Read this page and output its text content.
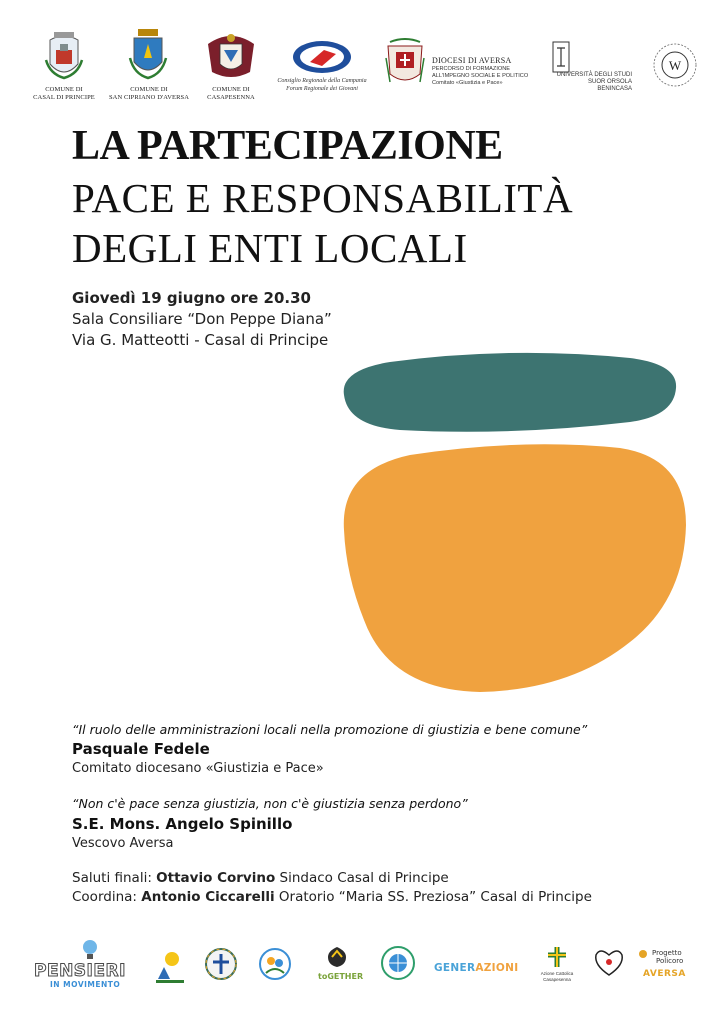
COMUNE DI
CASAL DI PRINCIPE
COMUNE DI
SAN CIPRIANO D'AVERSA
COMUNE DI
CASAPESENNA
Consiglio Regionale della Campania
Forum Regionale dei Giovani
DIOCESI DI AVERSA
PERCORSO DI FORMAZIONE
ALL'IMPEGNO SOCIALE E POLITICO
Comitato «Giustizia e Pace»
UNIVERSITÀ DEGLI STUDI
SUOR ORSOLA
BENINCASA
W
LA PARTECIPAZIONE
PACE E RESPONSABILITÀ
DEGLI ENTI LOCALI
Giovedì 19 giugno ore 20.30
Sala Consiliare “Don Peppe Diana”
Via G. Matteotti - Casal di Principe
“Il ruolo delle amministrazioni locali nella promozione di giustizia e bene comune”
Pasquale Fedele
Comitato diocesano «Giustizia e Pace»
“Non c'è pace senza giustizia, non c'è giustizia senza perdono”
S.E. Mons. Angelo Spinillo
Vescovo Aversa
Saluti finali: Ottavio Corvino Sindaco Casal di Principe
Coordina: Antonio Ciccarelli Oratorio “Maria SS. Preziosa” Casal di Principe
PENSIERI
IN MOVIMENTO
toGETHER
GENERAZIONI	Azione Cattolica
Casapesenna
Progetto
Policoro
AVERSA
